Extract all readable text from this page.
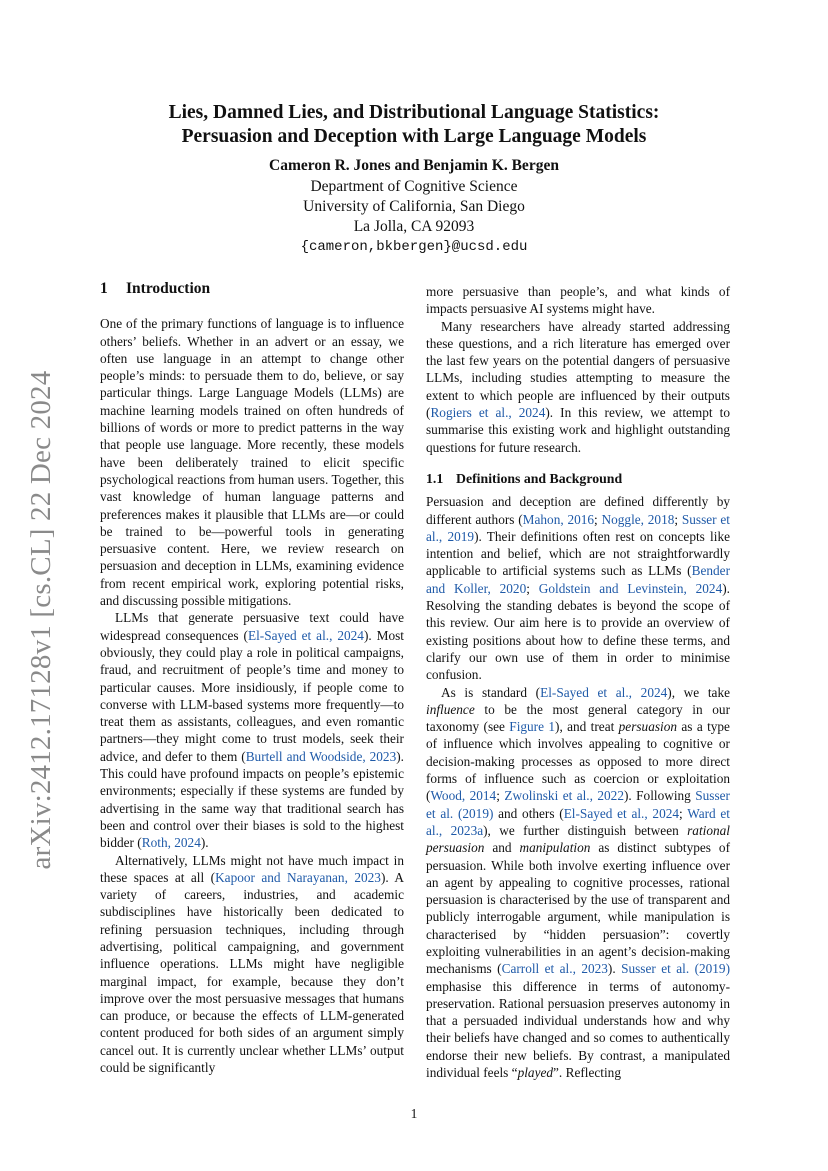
arXiv:2412.17128v1 [cs.CL] 22 Dec 2024
Lies, Damned Lies, and Distributional Language Statistics:
Persuasion and Deception with Large Language Models
Cameron R. Jones and Benjamin K. Bergen
Department of Cognitive Science
University of California, San Diego
La Jolla, CA 92093
{cameron,bkbergen}@ucsd.edu
1 Introduction

One of the primary functions of language is to influence others’ beliefs. Whether in an advert or an essay, we often use language in an attempt to change other people’s minds: to persuade them to do, believe, or say particular things. Large Language Models (LLMs) are machine learning models trained on often hundreds of billions of words or more to predict patterns in the way that people use language. More recently, these models have been deliberately trained to elicit specific psychological reactions from human users. Together, this vast knowledge of human language patterns and preferences makes it plausible that LLMs are—or could be trained to be—powerful tools in generating persuasive content. Here, we review research on persuasion and deception in LLMs, examining evidence from recent empirical work, exploring potential risks, and discussing possible mitigations.

LLMs that generate persuasive text could have widespread consequences (El-Sayed et al., 2024). Most obviously, they could play a role in political campaigns, fraud, and recruitment of people’s time and money to particular causes. More insidiously, if people come to converse with LLM-based systems more frequently—to treat them as assistants, colleagues, and even romantic partners—they might come to trust models, seek their advice, and defer to them (Burtell and Woodside, 2023). This could have profound impacts on people’s epistemic environments; especially if these systems are funded by advertising in the same way that traditional search has been and control over their biases is sold to the highest bidder (Roth, 2024).

Alternatively, LLMs might not have much impact in these spaces at all (Kapoor and Narayanan, 2023). A variety of careers, industries, and academic subdisciplines have historically been dedicated to refining persuasion techniques, including through advertising, political campaigning, and government influence operations. LLMs might have negligible marginal impact, for example, because they don’t improve over the most persuasive messages that humans can produce, or because the effects of LLM-generated content produced for both sides of an argument simply cancel out. It is currently unclear whether LLMs’ output could be significantly

more persuasive than people’s, and what kinds of impacts persuasive AI systems might have.

Many researchers have already started addressing these questions, and a rich literature has emerged over the last few years on the potential dangers of persuasive LLMs, including studies attempting to measure the extent to which people are influenced by their outputs (Rogiers et al., 2024). In this review, we attempt to summarise this existing work and highlight outstanding questions for future research.

1.1 Definitions and Background

Persuasion and deception are defined differently by different authors (Mahon, 2016; Noggle, 2018; Susser et al., 2019). Their definitions often rest on concepts like intention and belief, which are not straightforwardly applicable to artificial systems such as LLMs (Bender and Koller, 2020; Goldstein and Levinstein, 2024). Resolving the standing debates is beyond the scope of this review. Our aim here is to provide an overview of existing positions about how to define these terms, and clarify our own use of them in order to minimise confusion.

As is standard (El-Sayed et al., 2024), we take influence to be the most general category in our taxonomy (see Figure 1), and treat persuasion as a type of influence which involves appealing to cognitive or decision-making processes as opposed to more direct forms of influence such as coercion or exploitation (Wood, 2014; Zwolinski et al., 2022). Following Susser et al. (2019) and others (El-Sayed et al., 2024; Ward et al., 2023a), we further distinguish between rational persuasion and manipulation as distinct subtypes of persuasion. While both involve exerting influence over an agent by appealing to cognitive processes, rational persuasion is characterised by the use of transparent and publicly interrogable argument, while manipulation is characterised by “hidden persuasion”: covertly exploiting vulnerabilities in an agent’s decision-making mechanisms (Carroll et al., 2023). Susser et al. (2019) emphasise this difference in terms of autonomy-preservation. Rational persuasion preserves autonomy in that a persuaded individual understands how and why their beliefs have changed and so comes to authentically endorse their new beliefs. By contrast, a manipulated individual feels “played”. Reflecting

1
